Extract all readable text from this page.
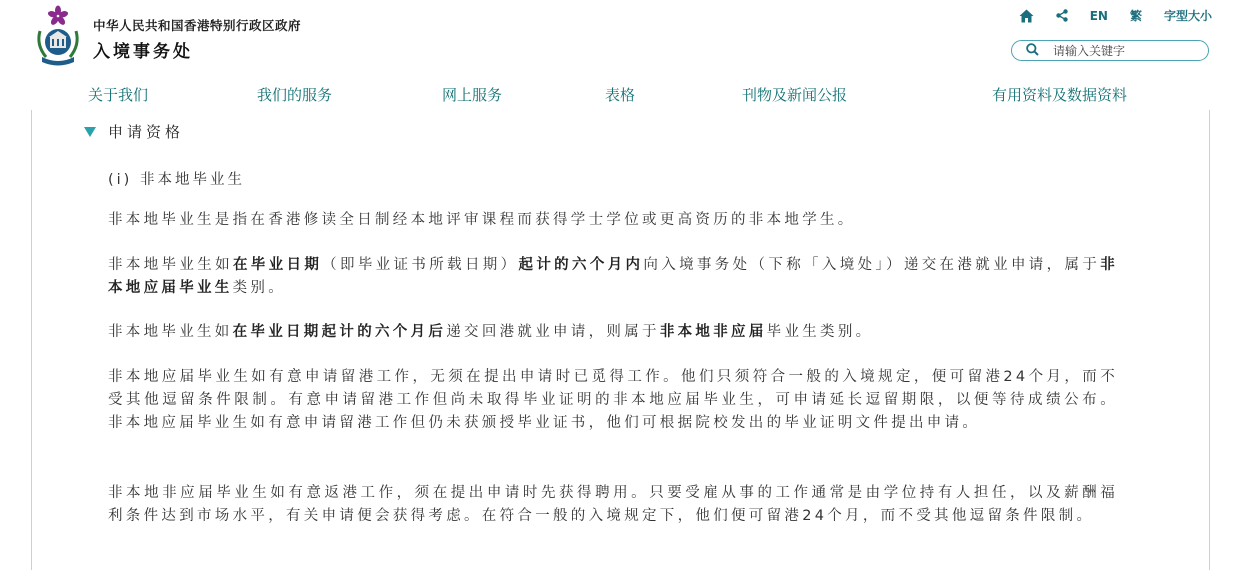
中华人民共和国香港特别行政区政府
入境事务处
EN 繁 字型大小
请输入关键字
关于我们	我们的服务	网上服务	表格	刊物及新闻公报	有用资料及数据资料
申请资格
(i) 非本地毕业生

非本地毕业生是指在香港修读全日制经本地评审课程而获得学士学位或更高资历的非本地学生。

非本地毕业生如在毕业日期（即毕业证书所载日期）起计的六个月内向入境事务处（下称「入境处」）递交在港就业申请，属于非本地应届毕业生类别。

非本地毕业生如在毕业日期起计的六个月后递交回港就业申请，则属于非本地非应届毕业生类别。

非本地应届毕业生如有意申请留港工作，无须在提出申请时已觅得工作。他们只须符合一般的入境规定，便可留港24个月，而不受其他逗留条件限制。有意申请留港工作但尚未取得毕业证明的非本地应届毕业生，可申请延长逗留期限，以便等待成绩公布。非本地应届毕业生如有意申请留港工作但仍未获颁授毕业证书，他们可根据院校发出的毕业证明文件提出申请。

非本地非应届毕业生如有意返港工作，须在提出申请时先获得聘用。只要受雇从事的工作通常是由学位持有人担任，以及薪酬福利条件达到市场水平，有关申请便会获得考虑。在符合一般的入境规定下，他们便可留港24个月，而不受其他逗留条件限制。
